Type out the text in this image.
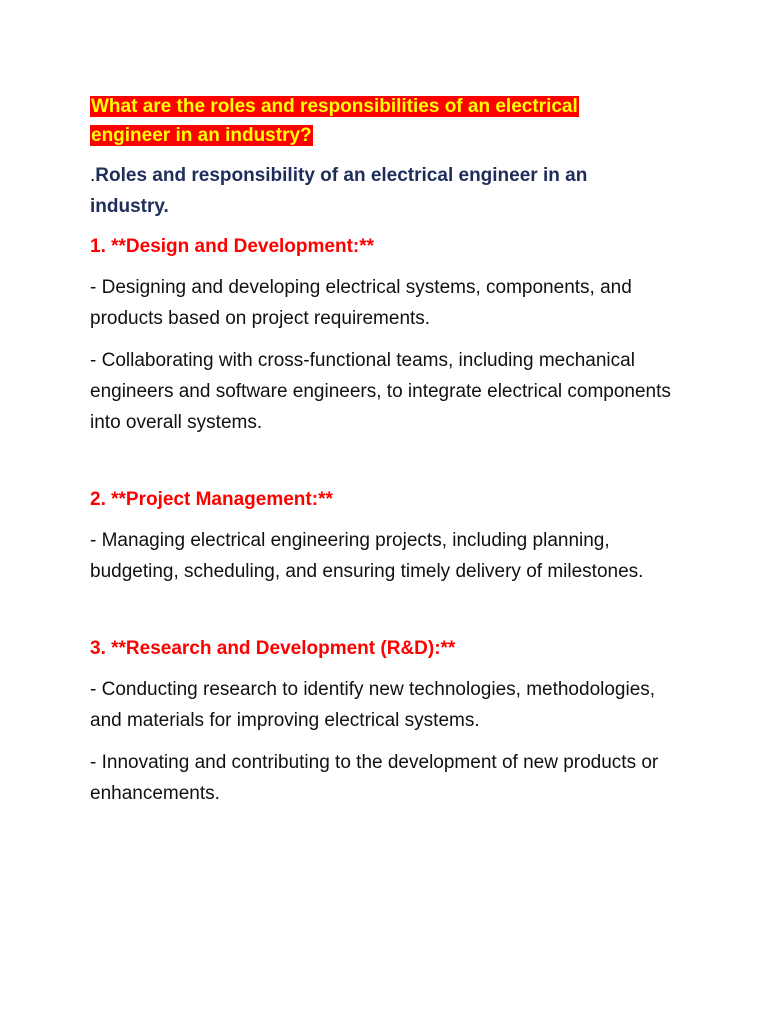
What are the roles and responsibilities of an electrical engineer in an industry?

.Roles and responsibility of an electrical engineer in an industry.

1. **Design and Development:**

- Designing and developing electrical systems, components, and products based on project requirements.

- Collaborating with cross-functional teams, including mechanical engineers and software engineers, to integrate electrical components into overall systems.

2. **Project Management:**

- Managing electrical engineering projects, including planning, budgeting, scheduling, and ensuring timely delivery of milestones.

3. **Research and Development (R&D):**

- Conducting research to identify new technologies, methodologies, and materials for improving electrical systems.

- Innovating and contributing to the development of new products or enhancements.
